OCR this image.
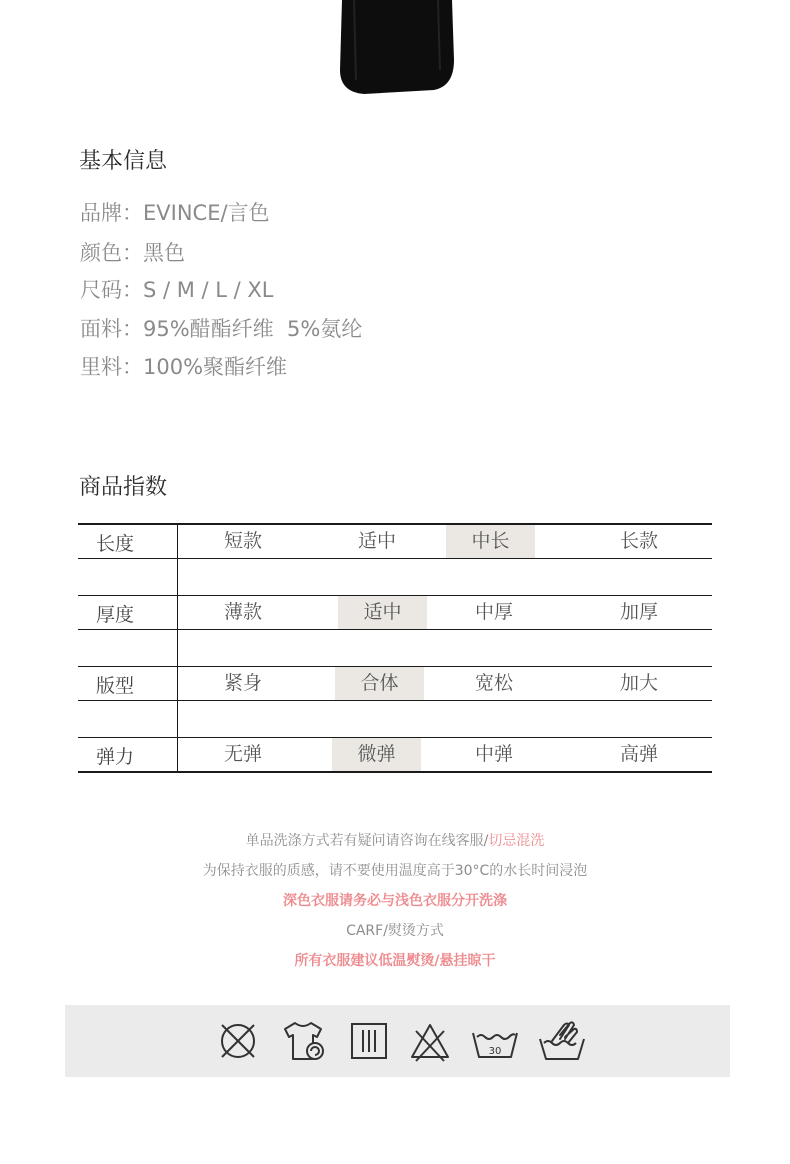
基本信息
品牌：EVINCE/言色
颜色：黑色
尺码：S / M / L / XL
面料：95%醋酯纤维  5%氨纶
里料：100%聚酯纤维
商品指数
长度	短款	适中	中长	长款
厚度	薄款	适中	中厚	加厚
版型	紧身	合体	宽松	加大
弹力	无弹	微弹	中弹	高弹
单品洗涤方式若有疑问请咨询在线客服/切忌混洗
为保持衣服的质感，请不要使用温度高于30°C的水长时间浸泡
深色衣服请务必与浅色衣服分开洗涤
CARF/熨烫方式
所有衣服建议低温熨烫/悬挂晾干
30
